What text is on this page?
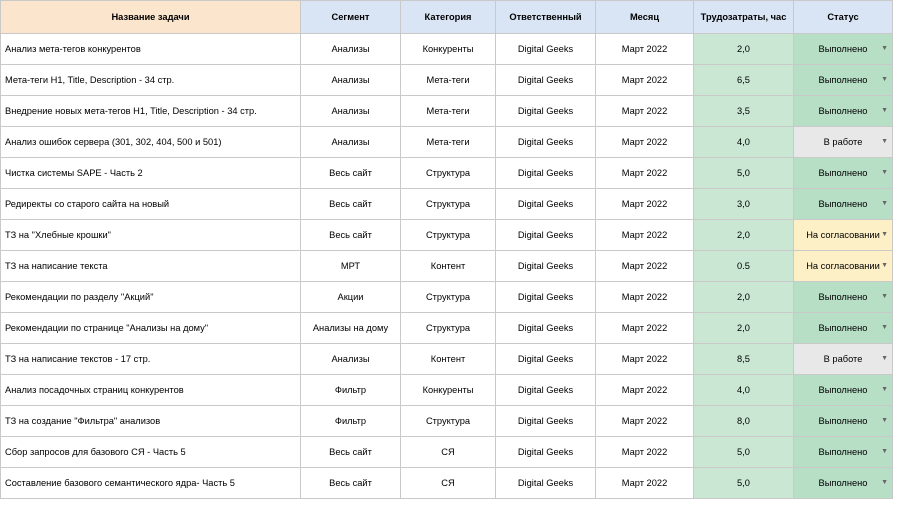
Название задачи	Сегмент	Категория	Ответственный	Месяц	Трудозатраты, час	Статус
Анализ мета-тегов конкурентов	Анализы	Конкуренты	Digital Geeks	Март 2022	2,0	Выполнено ▼

Мета-теги H1, Title, Description - 34 стр.	Анализы	Мета-теги	Digital Geeks	Март 2022	6,5	Выполнено ▼

Внедрение новых мета-тегов H1, Title, Description - 34 стр.	Анализы	Мета-теги	Digital Geeks	Март 2022	3,5	Выполнено ▼

Анализ ошибок сервера (301, 302, 404, 500 и 501)	Анализы	Мета-теги	Digital Geeks	Март 2022	4,0	В работе ▼

Чистка системы SAPE - Часть 2	Весь сайт	Структура	Digital Geeks	Март 2022	5,0	Выполнено ▼

Редиректы со старого сайта на новый	Весь сайт	Структура	Digital Geeks	Март 2022	3,0	Выполнено ▼

ТЗ на "Хлебные крошки"	Весь сайт	Структура	Digital Geeks	Март 2022	2,0	На согласовании ▼

ТЗ на написание текста	МРТ	Контент	Digital Geeks	Март 2022	0.5	На согласовании ▼

Рекомендации по разделу "Акций"	Акции	Структура	Digital Geeks	Март 2022	2,0	Выполнено ▼

Рекомендации по странице "Анализы на дому"	Анализы на дому	Структура	Digital Geeks	Март 2022	2,0	Выполнено ▼

ТЗ на написание текстов - 17 стр.	Анализы	Контент	Digital Geeks	Март 2022	8,5	В работе ▼

Анализ посадочных страниц конкурентов	Фильтр	Конкуренты	Digital Geeks	Март 2022	4,0	Выполнено ▼

ТЗ на создание "Фильтра" анализов	Фильтр	Структура	Digital Geeks	Март 2022	8,0	Выполнено ▼

Сбор запросов для базового СЯ - Часть 5	Весь сайт	СЯ	Digital Geeks	Март 2022	5,0	Выполнено ▼

Составление базового семантического ядра- Часть 5	Весь сайт	СЯ	Digital Geeks	Март 2022	5,0	Выполнено ▼
